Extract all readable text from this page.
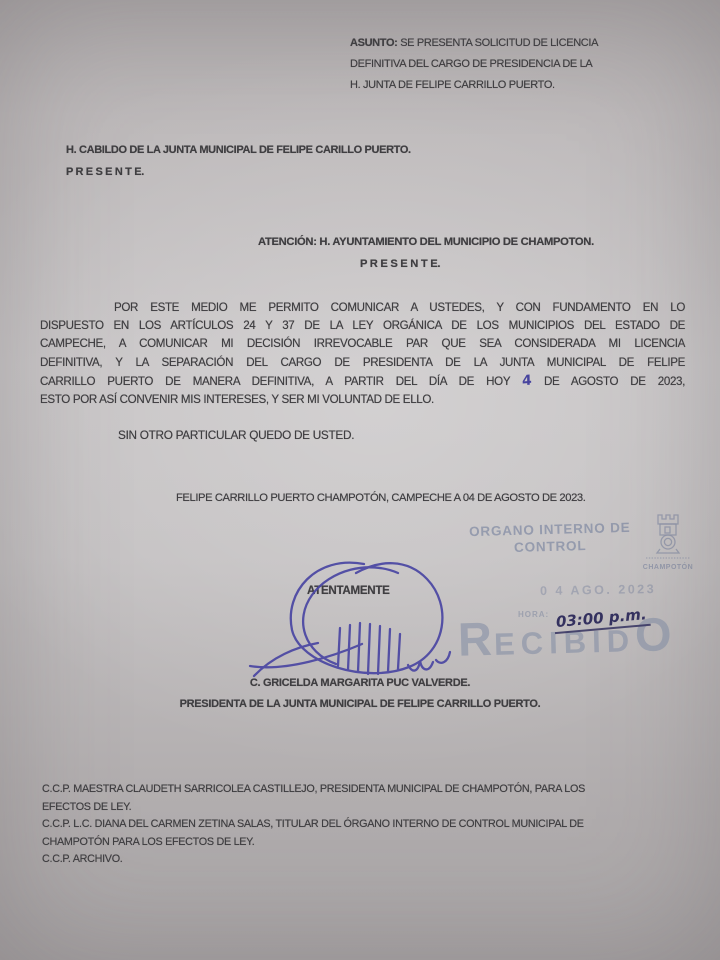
ASUNTO: SE PRESENTA SOLICITUD DE LICENCIA
DEFINITIVA DEL CARGO DE PRESIDENCIA DE LA
H. JUNTA DE FELIPE CARRILLO PUERTO.
H. CABILDO DE LA JUNTA MUNICIPAL DE FELIPE CARILLO PUERTO.
P R E S E N T E.
ATENCIÓN: H. AYUNTAMIENTO DEL MUNICIPIO DE CHAMPOTON.
P R E S E N T E.
POR ESTE MEDIO ME PERMITO COMUNICAR A USTEDES, Y CON FUNDAMENTO EN LO
DISPUESTO EN LOS ARTÍCULOS 24 Y 37 DE LA LEY ORGÁNICA DE LOS MUNICIPIOS DEL ESTADO DE
CAMPECHE, A COMUNICAR MI DECISIÓN IRREVOCABLE PAR QUE SEA CONSIDERADA MI LICENCIA
DEFINITIVA, Y LA SEPARACIÓN DEL CARGO DE PRESIDENTA DE LA JUNTA MUNICIPAL DE FELIPE
CARRILLO PUERTO DE MANERA DEFINITIVA, A PARTIR DEL DÍA DE HOY 4 DE AGOSTO DE 2023,
ESTO POR ASÍ CONVENIR MIS INTERESES, Y SER MI VOLUNTAD DE ELLO.
SIN OTRO PARTICULAR QUEDO DE USTED.
FELIPE CARRILLO PUERTO CHAMPOTÓN, CAMPECHE A 04 DE AGOSTO DE 2023.
ORGANO INTERNO DE
CONTROL
CHAMPOTÓN
0 4 AGO. 2023
R ECIBID
O
HORA: 03:00 p.m.
ATENTAMENTE
C. GRICELDA MARGARITA PUC VALVERDE.
PRESIDENTA DE LA JUNTA MUNICIPAL DE FELIPE CARRILLO PUERTO.
C.C.P. MAESTRA CLAUDETH SARRICOLEA CASTILLEJO, PRESIDENTA MUNICIPAL DE CHAMPOTÓN, PARA LOS
EFECTOS DE LEY.
C.C.P. L.C. DIANA DEL CARMEN ZETINA SALAS, TITULAR DEL ÓRGANO INTERNO DE CONTROL MUNICIPAL DE
CHAMPOTÓN PARA LOS EFECTOS DE LEY.
C.C.P. ARCHIVO.
